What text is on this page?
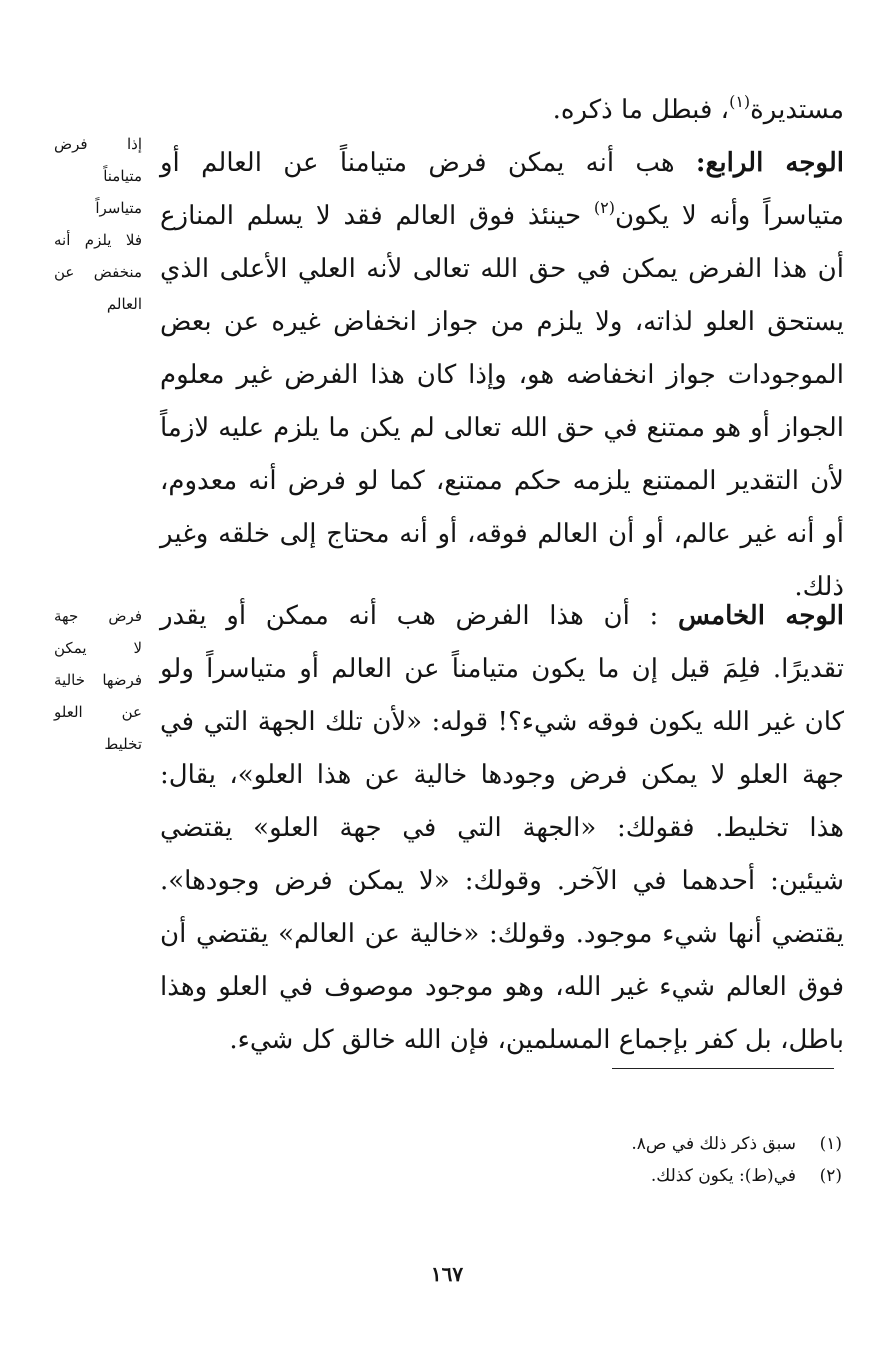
مستديرة$^{(١)}$، فبطل ما ذكره.
الوجه الرابع: هب أنه يمكن فرض متيامناً عن العالم أو
متياسراً وأنه لا يكون$^{(٢)}$ حينئذ فوق العالم فقد لا يسلم المنازع
أن هذا الفرض يمكن في حق الله تعالى لأنه العلي الأعلى الذي
يستحق العلو لذاته، ولا يلزم من جواز انخفاض غيره عن بعض
الموجودات جواز انخفاضه هو، وإذا كان هذا الفرض غير معلوم
الجواز أو هو ممتنع في حق الله تعالى لم يكن ما يلزم عليه لازماً
لأن التقدير الممتنع يلزمه حكم ممتنع، كما لو فرض أنه معدوم،
أو أنه غير عالم، أو أن العالم فوقه، أو أنه محتاج إلى خلقه وغير
ذلك.
إذا فرض
متيامناً
متياسراً
فلا يلزم أنه
منخفض عن
العالم
الوجه الخامس : أن هذا الفرض هب أنه ممكن أو يقدر
تقديرًا. فلِمَ قيل إن ما يكون متيامناً عن العالم أو متياسراً ولو
كان غير الله يكون فوقه شيء؟! قوله: «لأن تلك الجهة التي في
جهة العلو لا يمكن فرض وجودها خالية عن هذا العلو»، يقال:
هذا تخليط. فقولك: «الجهة التي في جهة العلو» يقتضي
شيئين: أحدهما في الآخر. وقولك: «لا يمكن فرض وجودها».
يقتضي أنها شيء موجود. وقولك: «خالية عن العالم» يقتضي أن
فوق العالم شيء غير الله، وهو موجود موصوف في العلو وهذا
باطل، بل كفر بإجماع المسلمين، فإن الله خالق كل شيء.
فرض جهة
لا يمكن
فرضها خالية
عن العلو
تخليط
(١)سبق ذكر ذلك في ص٨.
(٢)في(ط): يكون كذلك.
١٦٧
